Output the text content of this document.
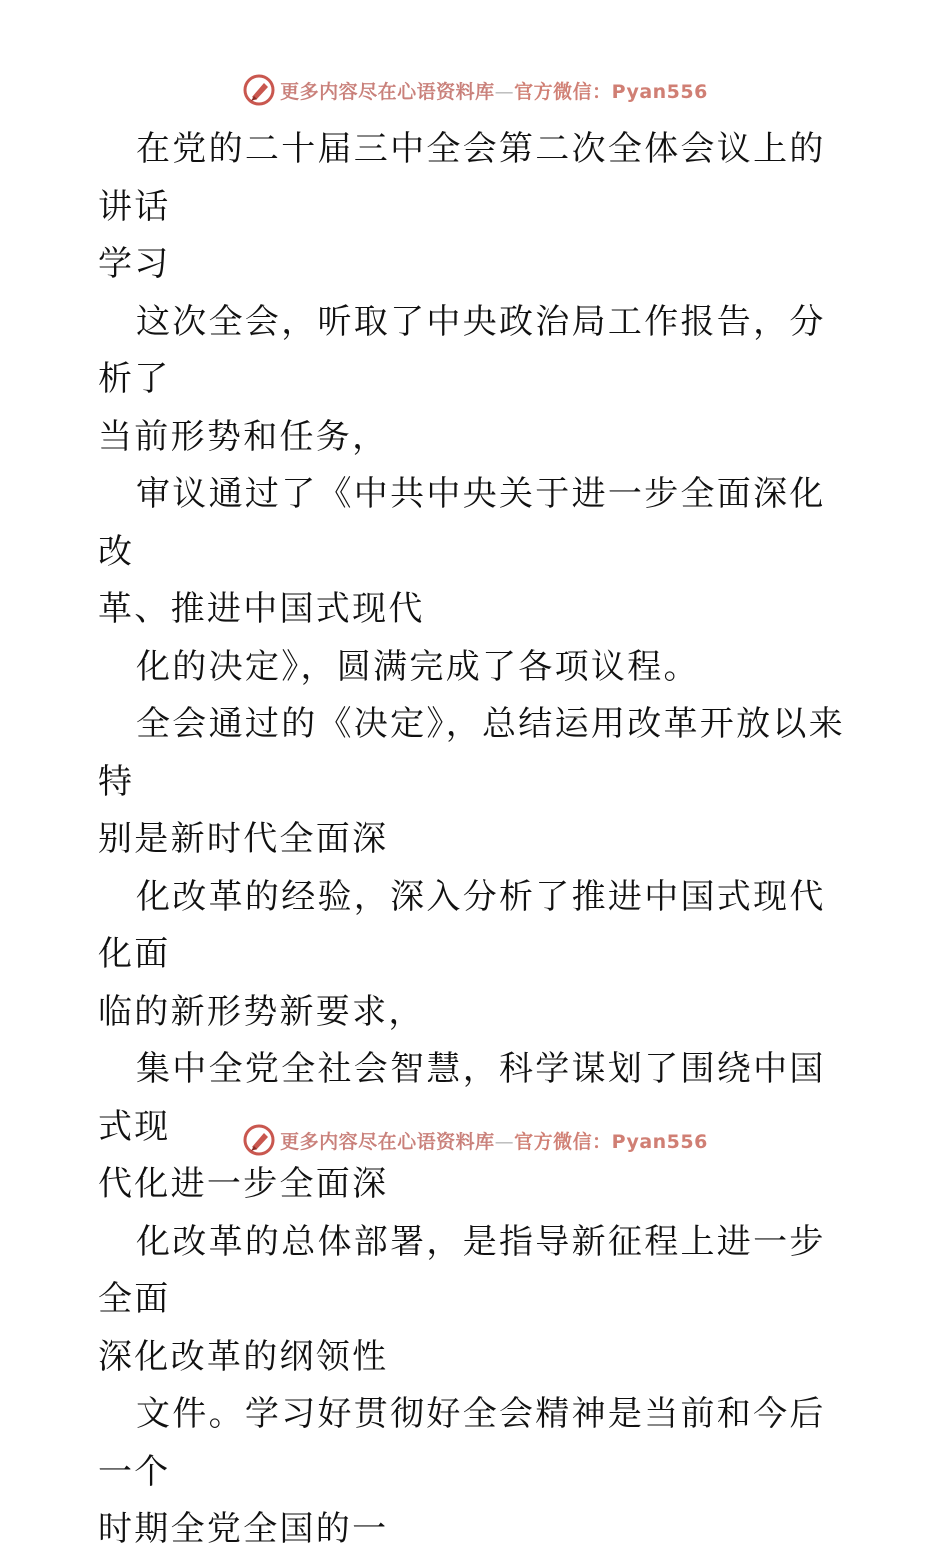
更多内容尽在心语资料库—官方微信：Pyan556

在党的二十届三中全会第二次全体会议上的讲话
学习

这次全会，听取了中央政治局工作报告，分析了
当前形势和任务，

审议通过了《中共中央关于进一步全面深化改
革、推进中国式现代

化的决定》，圆满完成了各项议程。

全会通过的《决定》，总结运用改革开放以来特
别是新时代全面深

化改革的经验，深入分析了推进中国式现代化面
临的新形势新要求，

集中全党全社会智慧，科学谋划了围绕中国式现
代化进一步全面深

化改革的总体部署，是指导新征程上进一步全面
深化改革的纲领性

文件。学习好贯彻好全会精神是当前和今后一个
时期全党全国的一

更多内容尽在心语资料库—官方微信：Pyan556
